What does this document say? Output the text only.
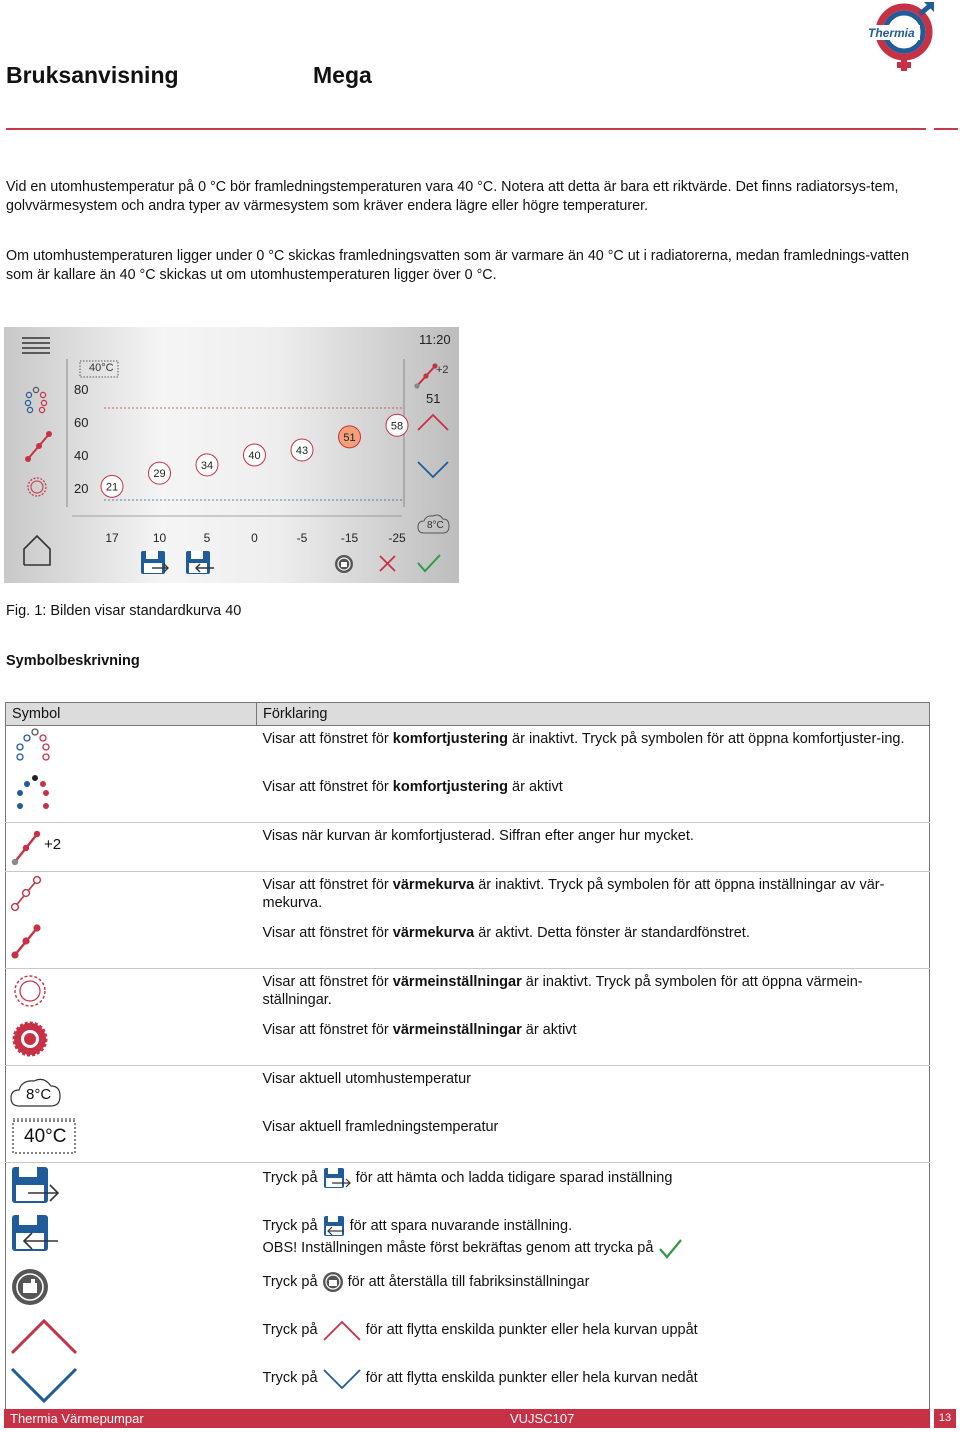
Bruksanvisning	Mega
Thermia
Vid en utomhustemperatur på 0 °C bör framledningstemperaturen vara 40 °C. Notera att detta är bara ett riktvärde. Det finns radiatorsys-tem, golvvärmesystem och andra typer av värmesystem som kräver endera lägre eller högre temperaturer.
Om utomhustemperaturen ligger under 0 °C skickas framledningsvatten som är varmare än 40 °C ut i radiatorerna, medan framlednings-vatten som är kallare än 40 °C skickas ut om utomhustemperaturen ligger över 0 °C.
80
60
40
20
17	10	5	0	-5	-15	-25
21
29
34
40	43
51
58
11:20
40°C	+2
51
8°C
Fig. 1: Bilden visar standardkurva 40
Symbolbeskrivning
Symbol	Förklaring

Visar att fönstret för komfortjustering är inaktivt. Tryck på symbolen för att öppna komfortjuster-ing.

Visar att fönstret för komfortjustering är aktivt

+2	Visas när kurvan är komfortjusterad. Siffran efter anger hur mycket.

Visar att fönstret för värmekurva är inaktivt. Tryck på symbolen för att öppna inställningar av vär-mekurva.

Visar att fönstret för värmekurva är aktivt. Detta fönster är standardfönstret.

Visar att fönstret för värmeinställningar är inaktivt. Tryck på symbolen för att öppna värmein-ställningar.

Visar att fönstret för värmeinställningar är aktivt

8°C	Visar aktuell utomhustemperatur

40°C	Visar aktuell framledningstemperatur

Tryck på  för att hämta och ladda tidigare sparad inställning

Tryck på  för att spara nuvarande inställning.
OBS! Inställningen måste först bekräftas genom att trycka på

Tryck på  för att återställa till fabriksinställningar

Tryck på för att flytta enskilda punkter eller hela kurvan uppåt

Tryck på för att flytta enskilda punkter eller hela kurvan nedåt
Thermia Värmepumpar	VUJSC107	13
